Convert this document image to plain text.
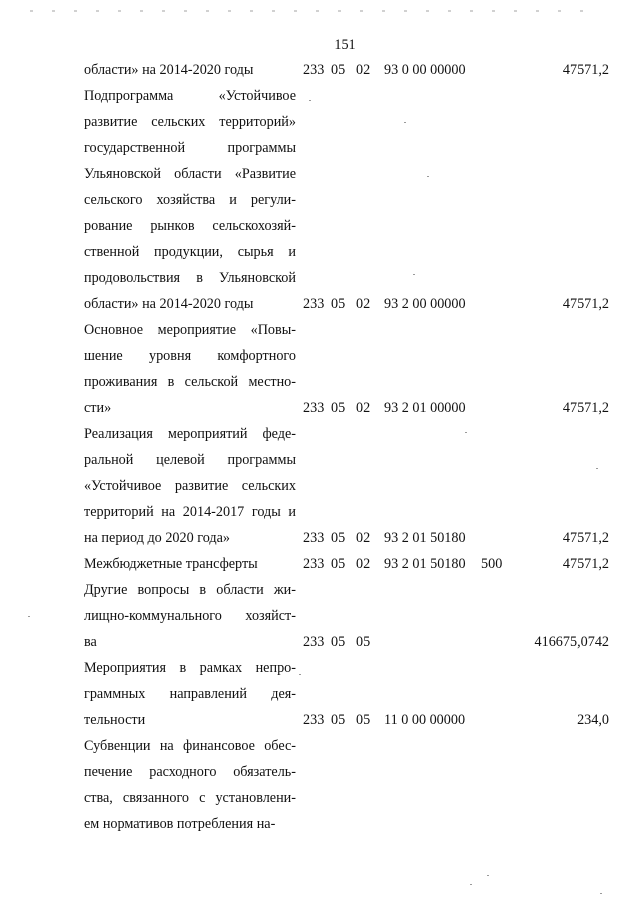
151
области» на 2014-2020 годы	233 05 02 93 0 00 00000	47571,2
Подпрограмма «Устойчивое
развитие сельских территорий»
государственной программы
Ульяновской области «Развитие
сельского хозяйства и регули-
рование рынков сельскохозяй-
ственной продукции, сырья и
продовольствия в Ульяновской
области» на 2014-2020 годы	233 05 02 93 2 00 00000	47571,2
Основное мероприятие «Повы-
шение уровня комфортного
проживания в сельской местно-
сти»	233 05 02 93 2 01 00000	47571,2
Реализация мероприятий феде-
ральной целевой программы
«Устойчивое развитие сельских
территорий на 2014-2017 годы и
на период до 2020 года»	233 05 02 93 2 01 50180	47571,2
Межбюджетные трансферты	233 05 02 93 2 01 50180 500	47571,2
Другие вопросы в области жи-
лищно-коммунального хозяйст-
ва	233 05 05	416675,0742
Мероприятия в рамках непро-
граммных направлений дея-
тельности	233 05 05 11 0 00 00000	234,0
Субвенции на финансовое обес-
печение расходного обязатель-
ства, связанного с установлени-
ем нормативов потребления на-
